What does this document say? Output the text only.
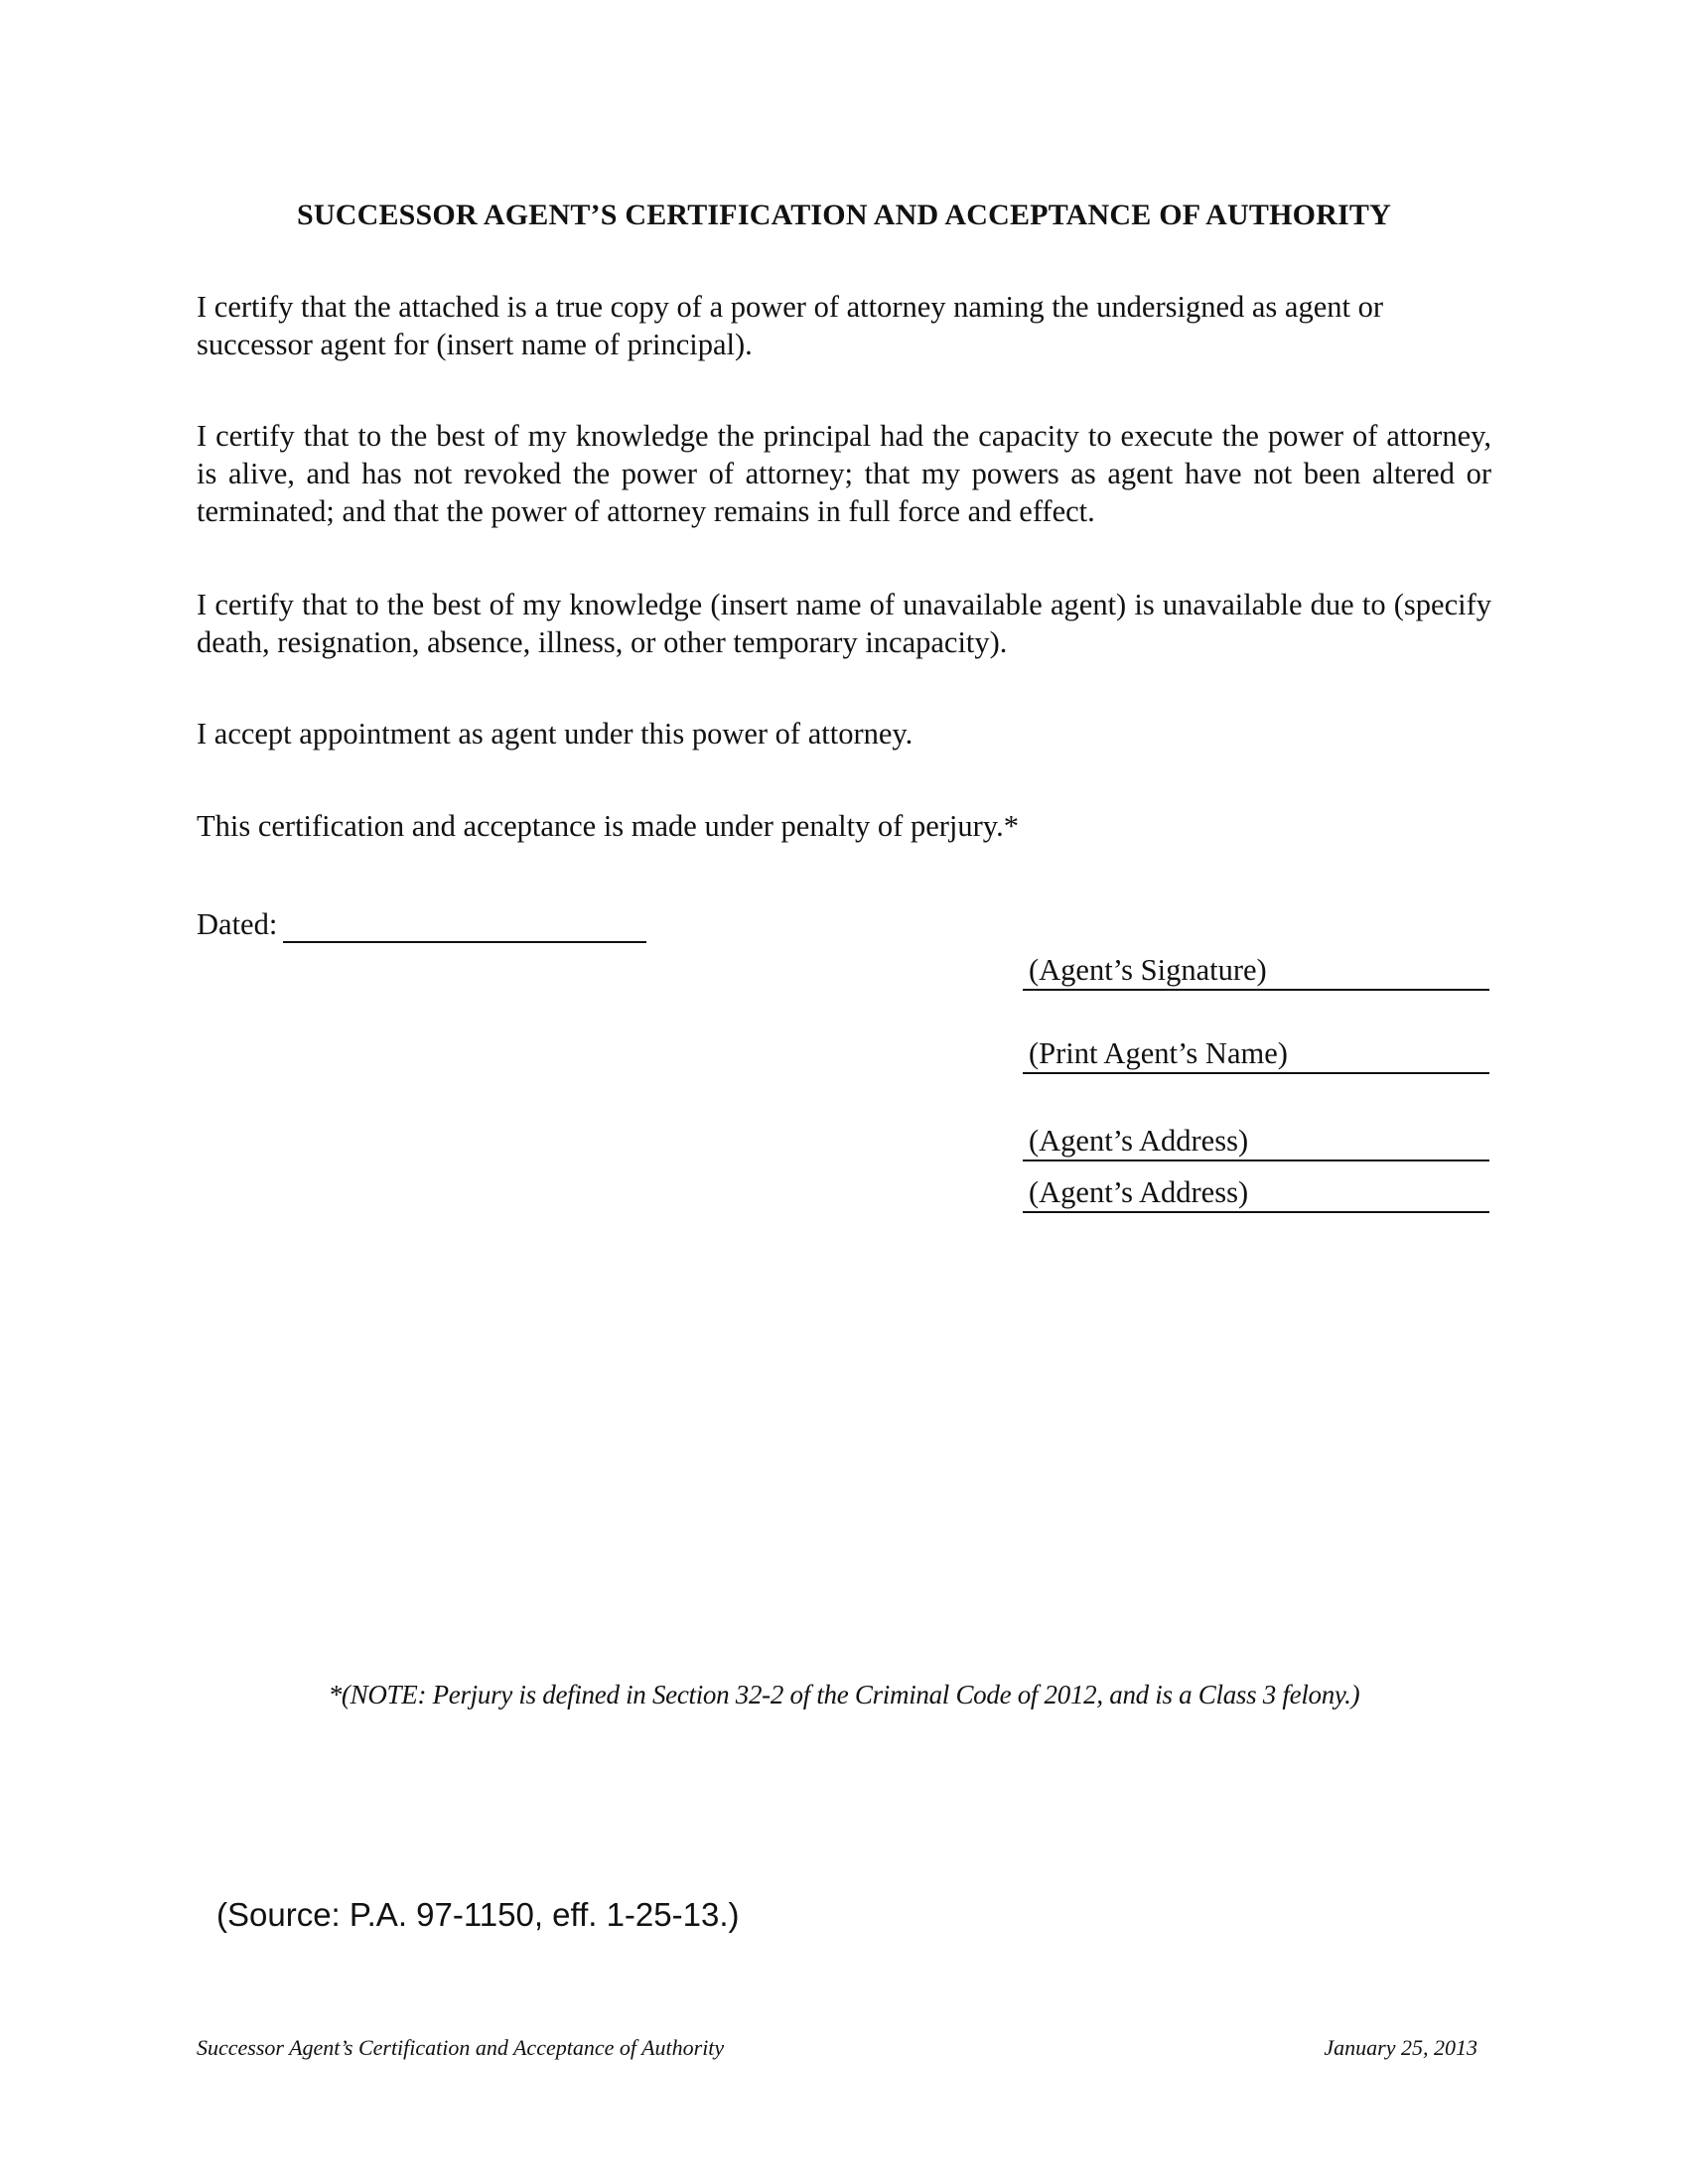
SUCCESSOR AGENT’S CERTIFICATION AND ACCEPTANCE OF AUTHORITY
I certify that the attached is a true copy of a power of attorney naming the undersigned as agent or successor agent for (insert name of principal).
I certify that to the best of my knowledge the principal had the capacity to execute the power of attorney, is alive, and has not revoked the power of attorney; that my powers as agent have not been altered or terminated; and that the power of attorney remains in full force and effect.
I certify that to the best of my knowledge (insert name of unavailable agent) is unavailable due to (specify death, resignation, absence, illness, or other temporary incapacity).
I accept appointment as agent under this power of attorney.
This certification and acceptance is made under penalty of perjury.*
Dated:
(Agent’s Signature)
(Print Agent’s Name)
(Agent’s Address)
(Agent’s Address)
*(NOTE: Perjury is defined in Section 32-2 of the Criminal Code of 2012, and is a Class 3 felony.)
(Source: P.A. 97-1150, eff. 1-25-13.)
Successor Agent’s Certification and Acceptance of Authority	January 25, 2013
